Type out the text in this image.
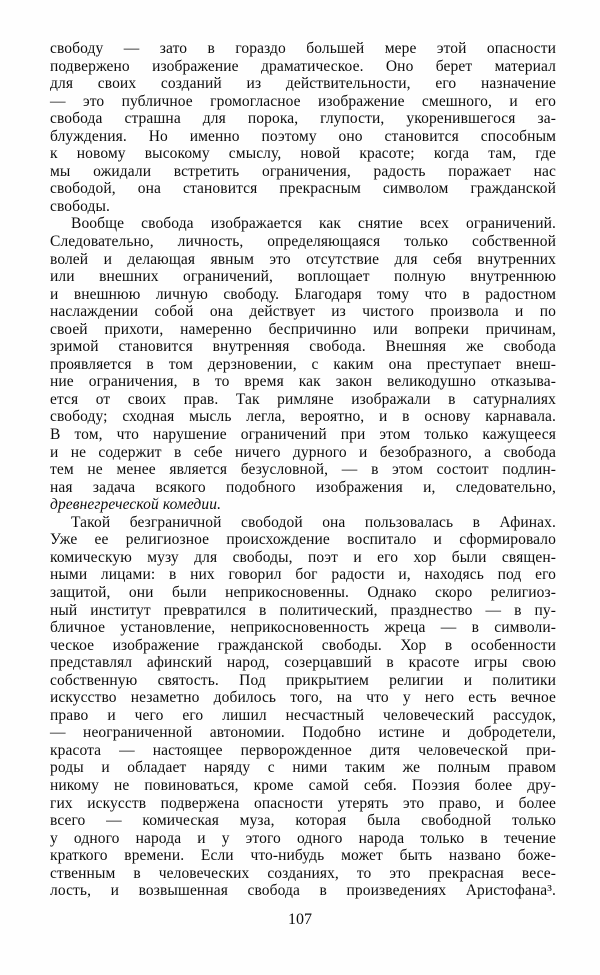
свободу — зато в гораздо большей мере этой опасности
подвержено изображение драматическое. Оно берет материал
для своих созданий из действительности, его назначение
— это публичное громогласное изображение смешного, и его
свобода страшна для порока, глупости, укоренившегося за-
блуждения. Но именно поэтому оно становится способным
к новому высокому смыслу, новой красоте; когда там, где
мы ожидали встретить ограничения, радость поражает нас
свободой, она становится прекрасным символом гражданской
свободы.
Вообще свобода изображается как снятие всех ограничений.
Следовательно, личность, определяющаяся только собственной
волей и делающая явным это отсутствие для себя внутренних
или внешних ограничений, воплощает полную внутреннюю
и внешнюю личную свободу. Благодаря тому что в радостном
наслаждении собой она действует из чистого произвола и по
своей прихоти, намеренно беспричинно или вопреки причинам,
зримой становится внутренняя свобода. Внешняя же свобода
проявляется в том дерзновении, с каким она преступает внеш-
ние ограничения, в то время как закон великодушно отказыва-
ется от своих прав. Так римляне изображали в сатурналиях
свободу; сходная мысль легла, вероятно, и в основу карнавала.
В том, что нарушение ограничений при этом только кажущееся
и не содержит в себе ничего дурного и безобразного, а свобода
тем не менее является безусловной, — в этом состоит подлин-
ная задача всякого подобного изображения и, следовательно,
древнегреческой комедии.
Такой безграничной свободой она пользовалась в Афинах.
Уже ее религиозное происхождение воспитало и сформировало
комическую музу для свободы, поэт и его хор были священ-
ными лицами: в них говорил бог радости и, находясь под его
защитой, они были неприкосновенны. Однако скоро религиоз-
ный институт превратился в политический, празднество — в пу-
бличное установление, неприкосновенность жреца — в символи-
ческое изображение гражданской свободы. Хор в особенности
представлял афинский народ, созерцавший в красоте игры свою
собственную святость. Под прикрытием религии и политики
искусство незаметно добилось того, на что у него есть вечное
право и чего его лишил несчастный человеческий рассудок,
— неограниченной автономии. Подобно истине и добродетели,
красота — настоящее перворожденное дитя человеческой при-
роды и обладает наряду с ними таким же полным правом
никому не повиноваться, кроме самой себя. Поэзия более дру-
гих искусств подвержена опасности утерять это право, и более
всего — комическая муза, которая была свободной только
у одного народа и у этого одного народа только в течение
краткого времени. Если что-нибудь может быть названо боже-
ственным в человеческих созданиях, то это прекрасная весе-
лость, и возвышенная свобода в произведениях Аристофана³.
107
